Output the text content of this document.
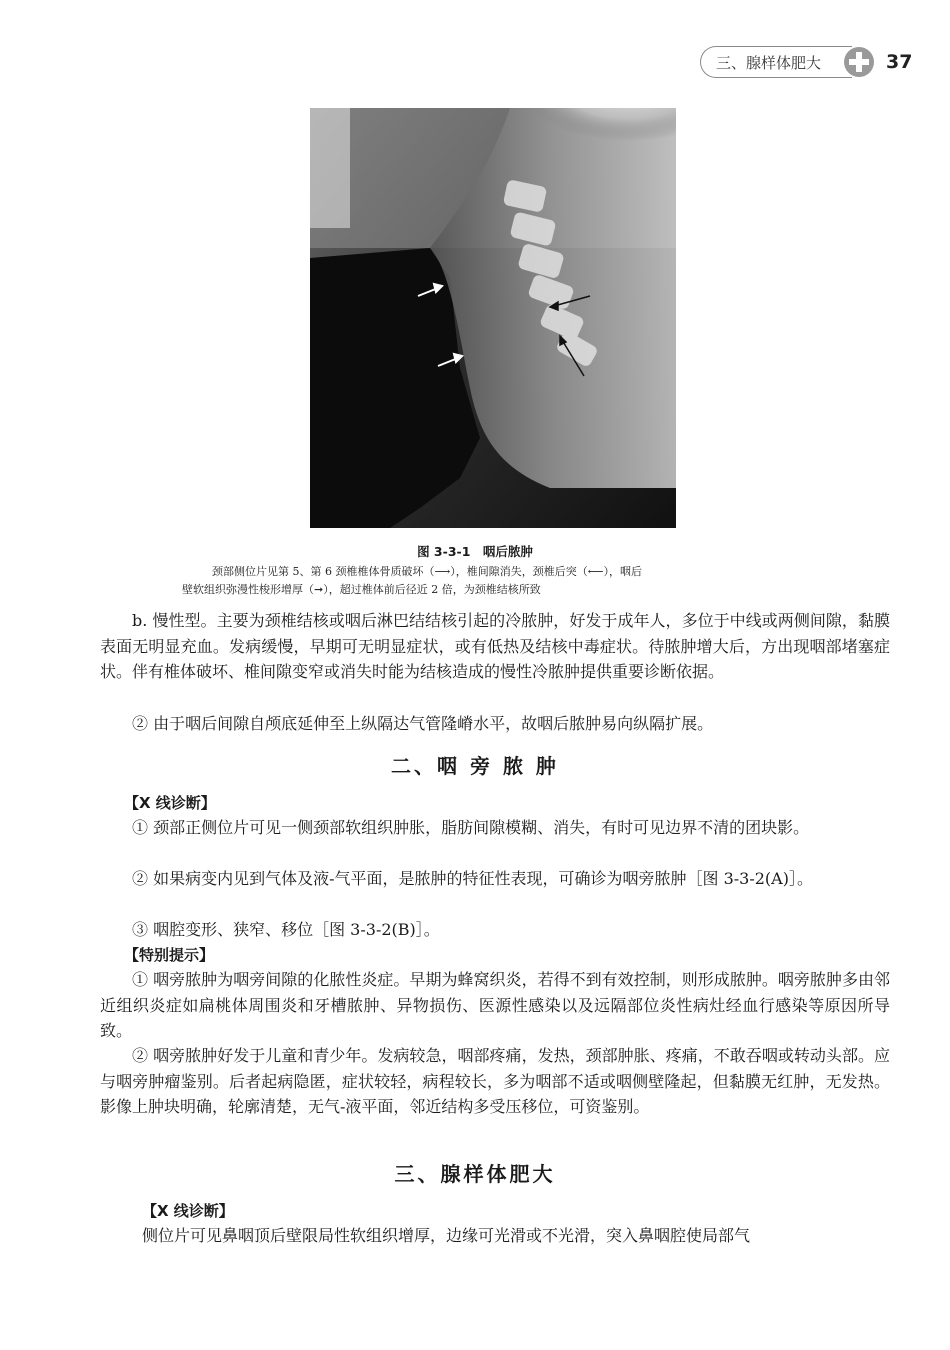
三、腺样体肥大	37
图 3-3-1　咽后脓肿
颈部侧位片见第 5、第 6 颈椎椎体骨质破坏（⟶），椎间隙消失，颈椎后突（⟵），咽后
壁软组织弥漫性梭形增厚（➞），超过椎体前后径近 2 倍，为颈椎结核所致

b. 慢性型。主要为颈椎结核或咽后淋巴结结核引起的冷脓肿，好发于成年人，多位于中线或两侧间隙，黏膜表面无明显充血。发病缓慢，早期可无明显症状，或有低热及结核中毒症状。待脓肿增大后，方出现咽部堵塞症状。伴有椎体破坏、椎间隙变窄或消失时能为结核造成的慢性冷脓肿提供重要诊断依据。

② 由于咽后间隙自颅底延伸至上纵隔达气管隆嵴水平，故咽后脓肿易向纵隔扩展。

二、咽 旁 脓 肿
【X 线诊断】

① 颈部正侧位片可见一侧颈部软组织肿胀，脂肪间隙模糊、消失，有时可见边界不清的团块影。

② 如果病变内见到气体及液-气平面，是脓肿的特征性表现，可确诊为咽旁脓肿［图 3-3-2(A)］。

③ 咽腔变形、狭窄、移位［图 3-3-2(B)］。

【特别提示】

① 咽旁脓肿为咽旁间隙的化脓性炎症。早期为蜂窝织炎，若得不到有效控制，则形成脓肿。咽旁脓肿多由邻近组织炎症如扁桃体周围炎和牙槽脓肿、异物损伤、医源性感染以及远隔部位炎性病灶经血行感染等原因所导致。

② 咽旁脓肿好发于儿童和青少年。发病较急，咽部疼痛，发热，颈部肿胀、疼痛，不敢吞咽或转动头部。应与咽旁肿瘤鉴别。后者起病隐匿，症状较轻，病程较长，多为咽部不适或咽侧壁隆起，但黏膜无红肿，无发热。影像上肿块明确，轮廓清楚，无气-液平面，邻近结构多受压移位，可资鉴别。

三、腺样体肥大
【X 线诊断】

侧位片可见鼻咽顶后壁限局性软组织增厚，边缘可光滑或不光滑，突入鼻咽腔使局部气
